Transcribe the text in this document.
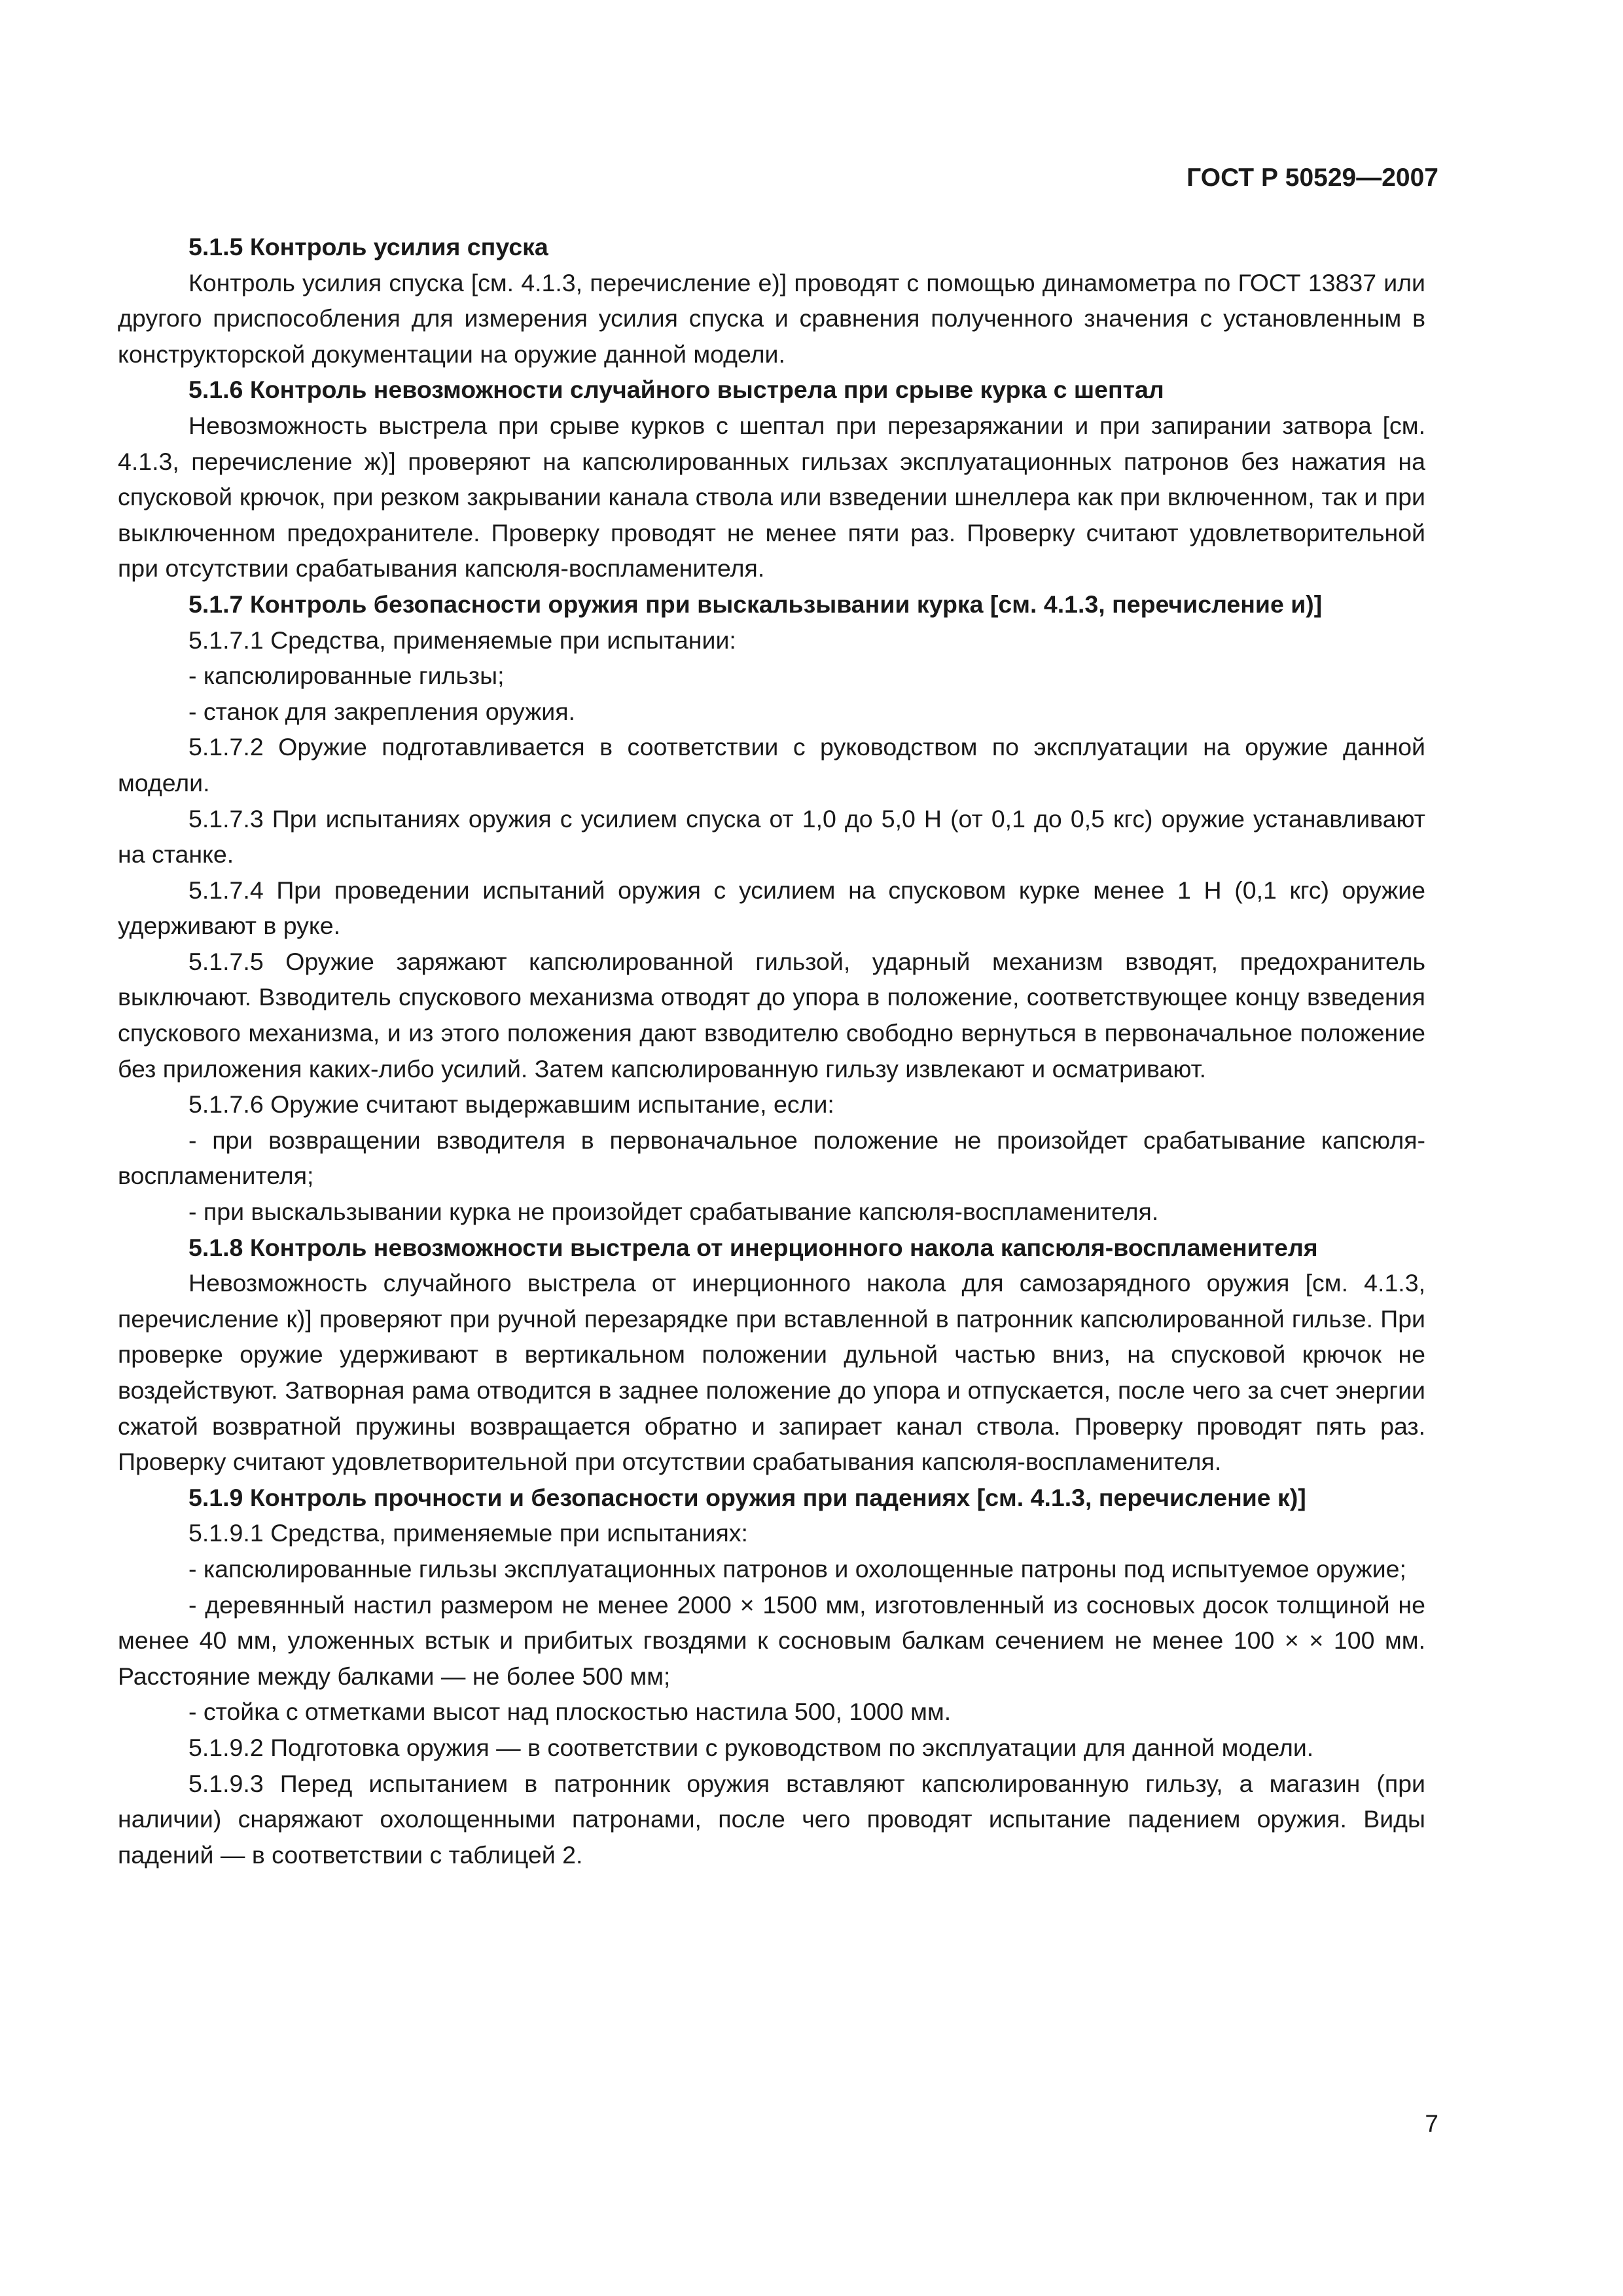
ГОСТ Р 50529—2007

5.1.5 Контроль усилия спуска

Контроль усилия спуска [см. 4.1.3, перечисление е)] проводят с помощью динамометра по ГОСТ 13837 или другого приспособления для измерения усилия спуска и сравнения полученного значения с установленным в конструкторской документации на оружие данной модели.

5.1.6 Контроль невозможности случайного выстрела при срыве курка с шептал

Невозможность выстрела при срыве курков с шептал при перезаряжании и при запирании затвора [см. 4.1.3, перечисление ж)] проверяют на капсюлированных гильзах эксплуатационных патронов без нажатия на спусковой крючок, при резком закрывании канала ствола или взведении шнеллера как при включенном, так и при выключенном предохранителе. Проверку проводят не менее пяти раз. Проверку считают удовлетворительной при отсутствии срабатывания капсюля-воспламенителя.

5.1.7 Контроль безопасности оружия при выскальзывании курка [см. 4.1.3, перечисление и)]

5.1.7.1 Средства, применяемые при испытании:

- капсюлированные гильзы;

- станок для закрепления оружия.

5.1.7.2 Оружие подготавливается в соответствии с руководством по эксплуатации на оружие данной модели.

5.1.7.3 При испытаниях оружия с усилием спуска от 1,0 до 5,0 Н (от 0,1 до 0,5 кгс) оружие устанавливают на станке.

5.1.7.4 При проведении испытаний оружия с усилием на спусковом курке менее 1 Н (0,1 кгс) оружие удерживают в руке.

5.1.7.5 Оружие заряжают капсюлированной гильзой, ударный механизм взводят, предохранитель выключают. Взводитель спускового механизма отводят до упора в положение, соответствующее концу взведения спускового механизма, и из этого положения дают взводителю свободно вернуться в первоначальное положение без приложения каких-либо усилий. Затем капсюлированную гильзу извлекают и осматривают.

5.1.7.6 Оружие считают выдержавшим испытание, если:

- при возвращении взводителя в первоначальное положение не произойдет срабатывание капсюля-воспламенителя;

- при выскальзывании курка не произойдет срабатывание капсюля-воспламенителя.

5.1.8 Контроль невозможности выстрела от инерционного накола капсюля-воспламенителя

Невозможность случайного выстрела от инерционного накола для самозарядного оружия [см. 4.1.3, перечисление к)] проверяют при ручной перезарядке при вставленной в патронник капсюлированной гильзе. При проверке оружие удерживают в вертикальном положении дульной частью вниз, на спусковой крючок не воздействуют. Затворная рама отводится в заднее положение до упора и отпускается, после чего за счет энергии сжатой возвратной пружины возвращается обратно и запирает канал ствола. Проверку проводят пять раз. Проверку считают удовлетворительной при отсутствии срабатывания капсюля-воспламенителя.

5.1.9 Контроль прочности и безопасности оружия при падениях [см. 4.1.3, перечисление к)]

5.1.9.1 Средства, применяемые при испытаниях:

- капсюлированные гильзы эксплуатационных патронов и охолощенные патроны под испытуемое оружие;

- деревянный настил размером не менее 2000 × 1500 мм, изготовленный из сосновых досок толщиной не менее 40 мм, уложенных встык и прибитых гвоздями к сосновым балкам сечением не менее 100 × × 100 мм. Расстояние между балками — не более 500 мм;

- стойка с отметками высот над плоскостью настила 500, 1000 мм.

5.1.9.2 Подготовка оружия — в соответствии с руководством по эксплуатации для данной модели.

5.1.9.3 Перед испытанием в патронник оружия вставляют капсюлированную гильзу, а магазин (при наличии) снаряжают охолощенными патронами, после чего проводят испытание падением оружия. Виды падений — в соответствии с таблицей 2.

7
